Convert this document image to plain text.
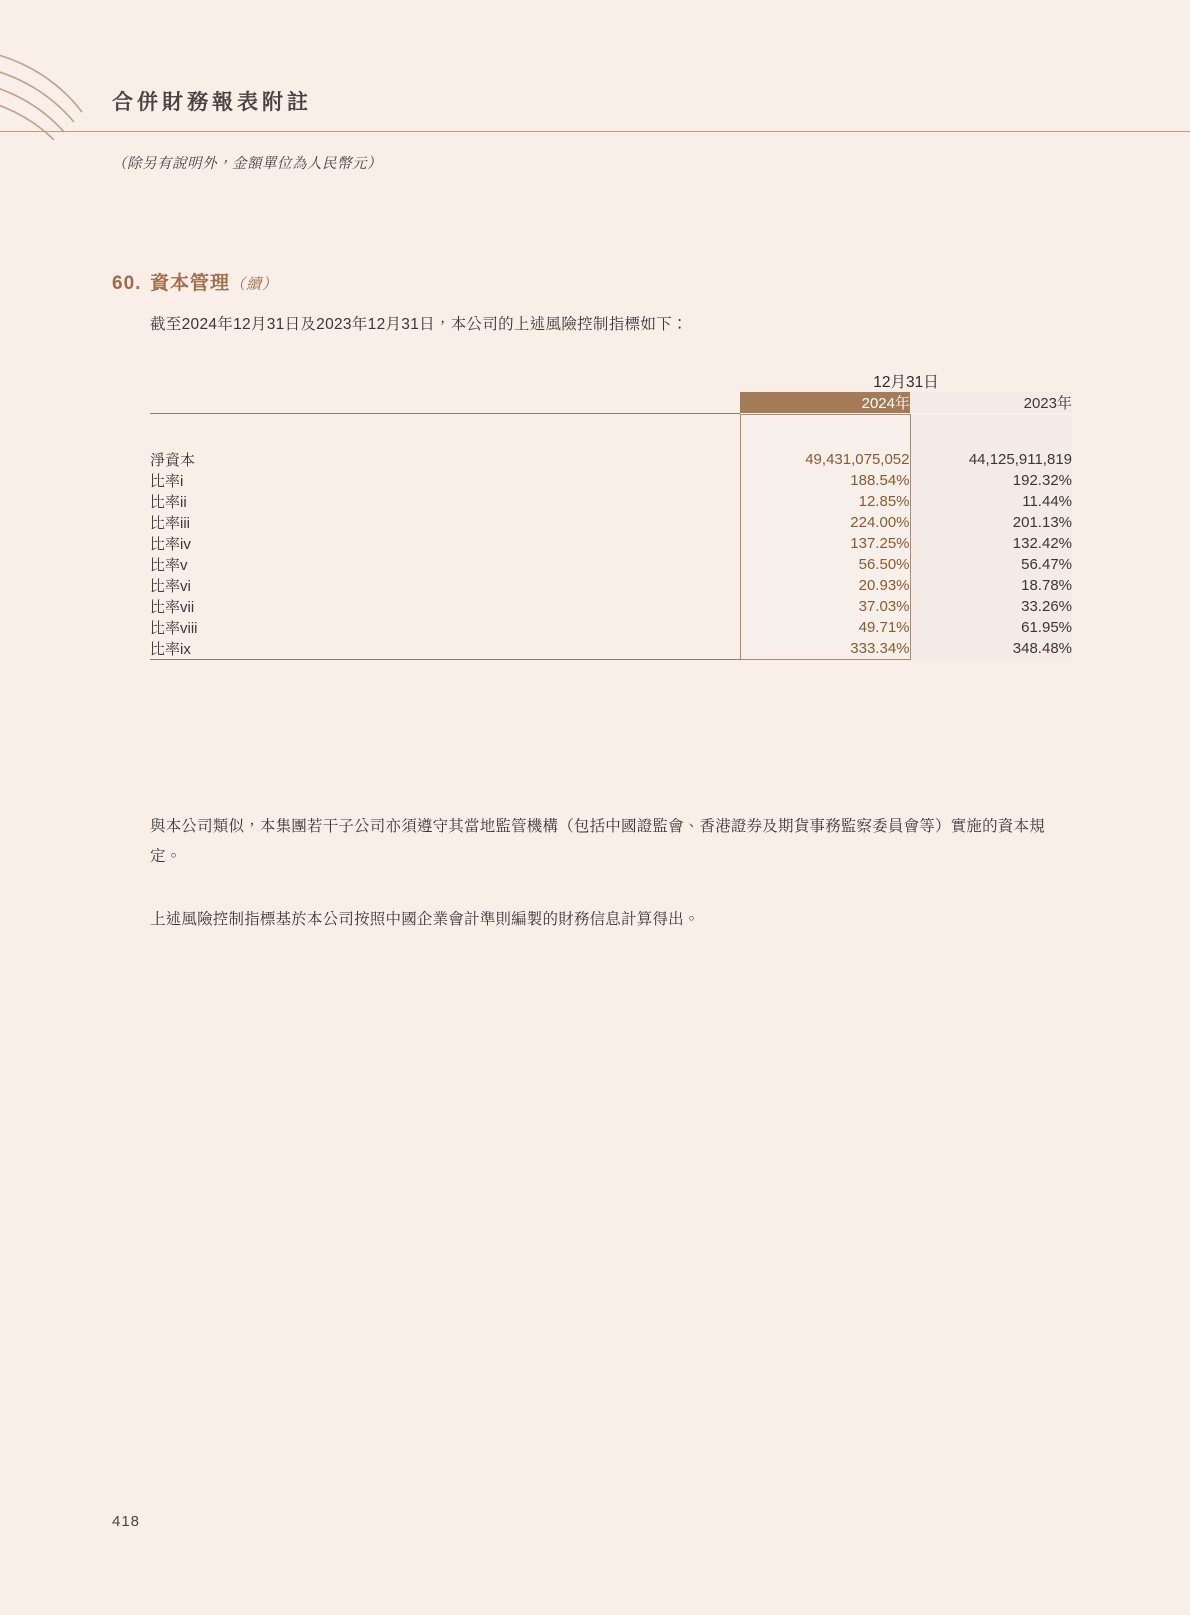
合併財務報表附註
（除另有說明外，金額單位為人民幣元）
60. 資本管理（續）
截至2024年12月31日及2023年12月31日，本公司的上述風險控制指標如下：
	12月31日	
	2024年	2023年

淨資本	49,431,075,052	44,125,911,819
比率i	188.54%	192.32%
比率ii	12.85%	11.44%
比率iii	224.00%	201.13%
比率iv	137.25%	132.42%
比率v	56.50%	56.47%
比率vi	20.93%	18.78%
比率vii	37.03%	33.26%
比率viii	49.71%	61.95%
比率ix	333.34%	348.48%
與本公司類似，本集團若干子公司亦須遵守其當地監管機構（包括中國證監會、香港證券及期貨事務監察委員會等）實施的資本規定。
上述風險控制指標基於本公司按照中國企業會計準則編製的財務信息計算得出。
418
